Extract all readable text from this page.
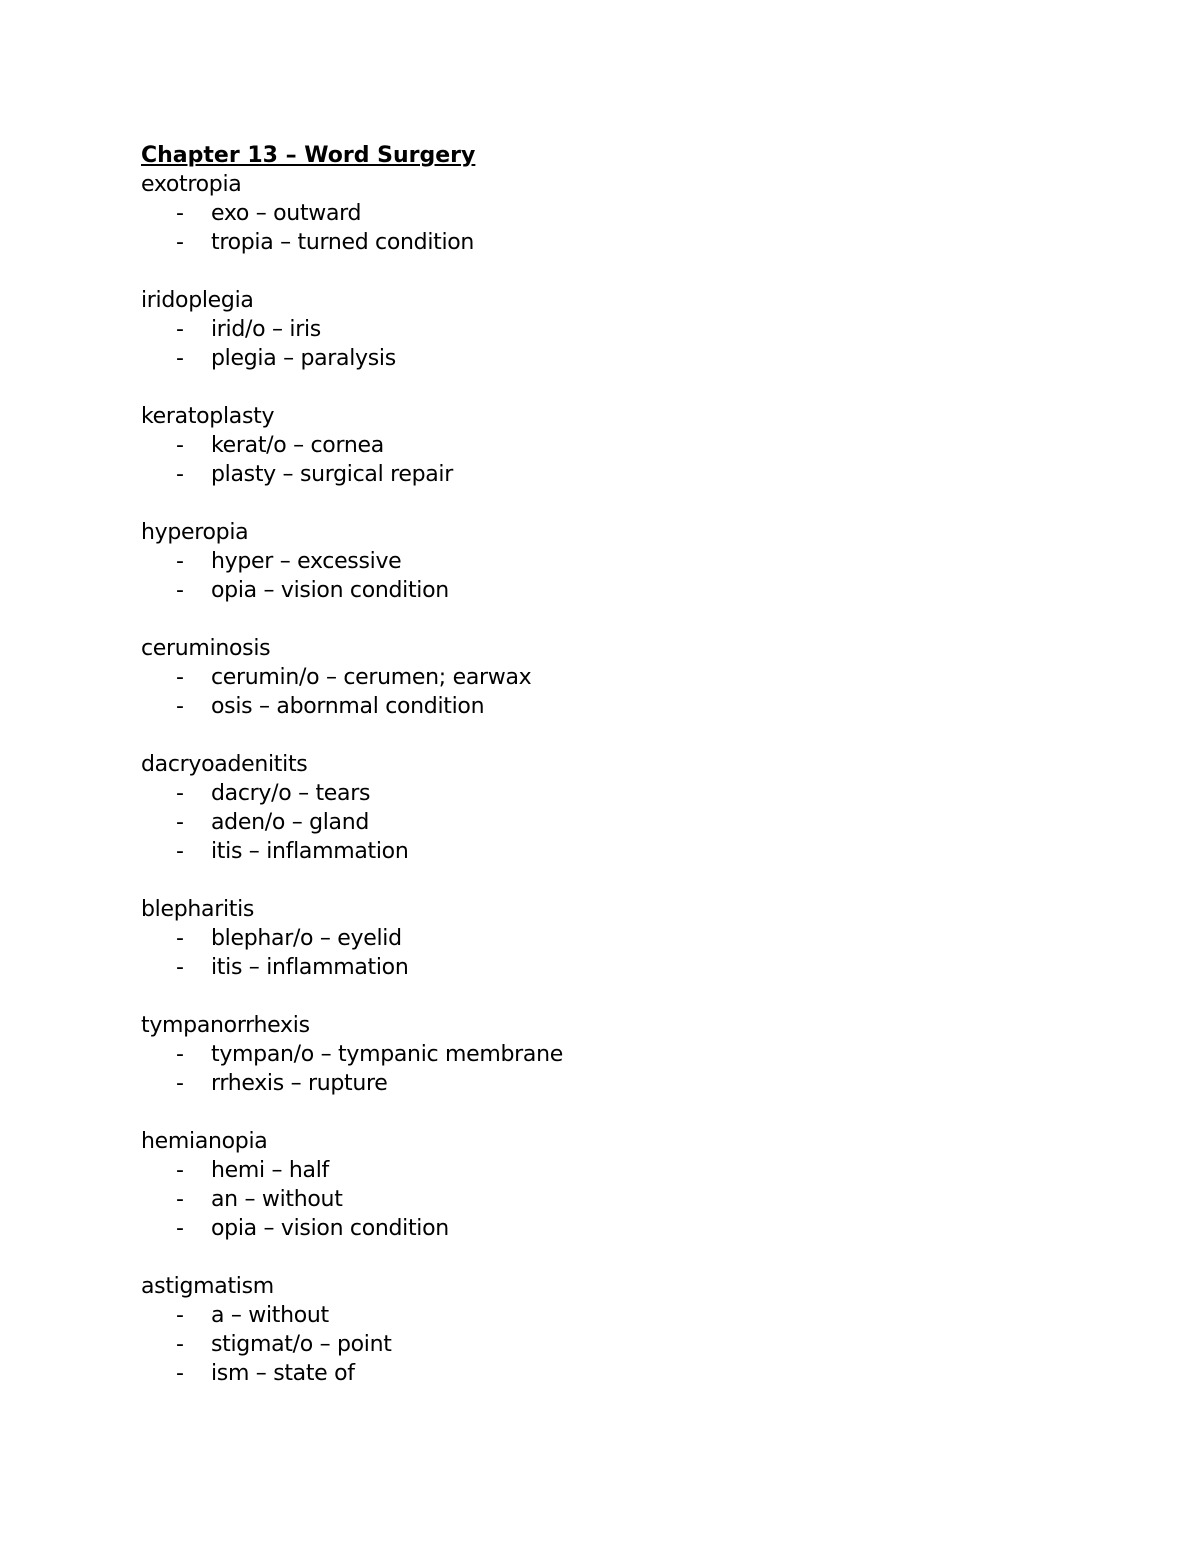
Chapter 13 – Word Surgery
exotropia
- exo – outward
- tropia – turned condition
iridoplegia
- irid/o – iris
- plegia – paralysis
keratoplasty
- kerat/o – cornea
- plasty – surgical repair
hyperopia
- hyper – excessive
- opia – vision condition
ceruminosis
- cerumin/o – cerumen; earwax
- osis – abornmal condition
dacryoadenitits
- dacry/o – tears
- aden/o – gland
- itis – inflammation
blepharitis
- blephar/o – eyelid
- itis – inflammation
tympanorrhexis
- tympan/o – tympanic membrane
- rrhexis – rupture
hemianopia
- hemi – half
- an – without
- opia – vision condition
astigmatism
- a – without
- stigmat/o – point
- ism – state of
